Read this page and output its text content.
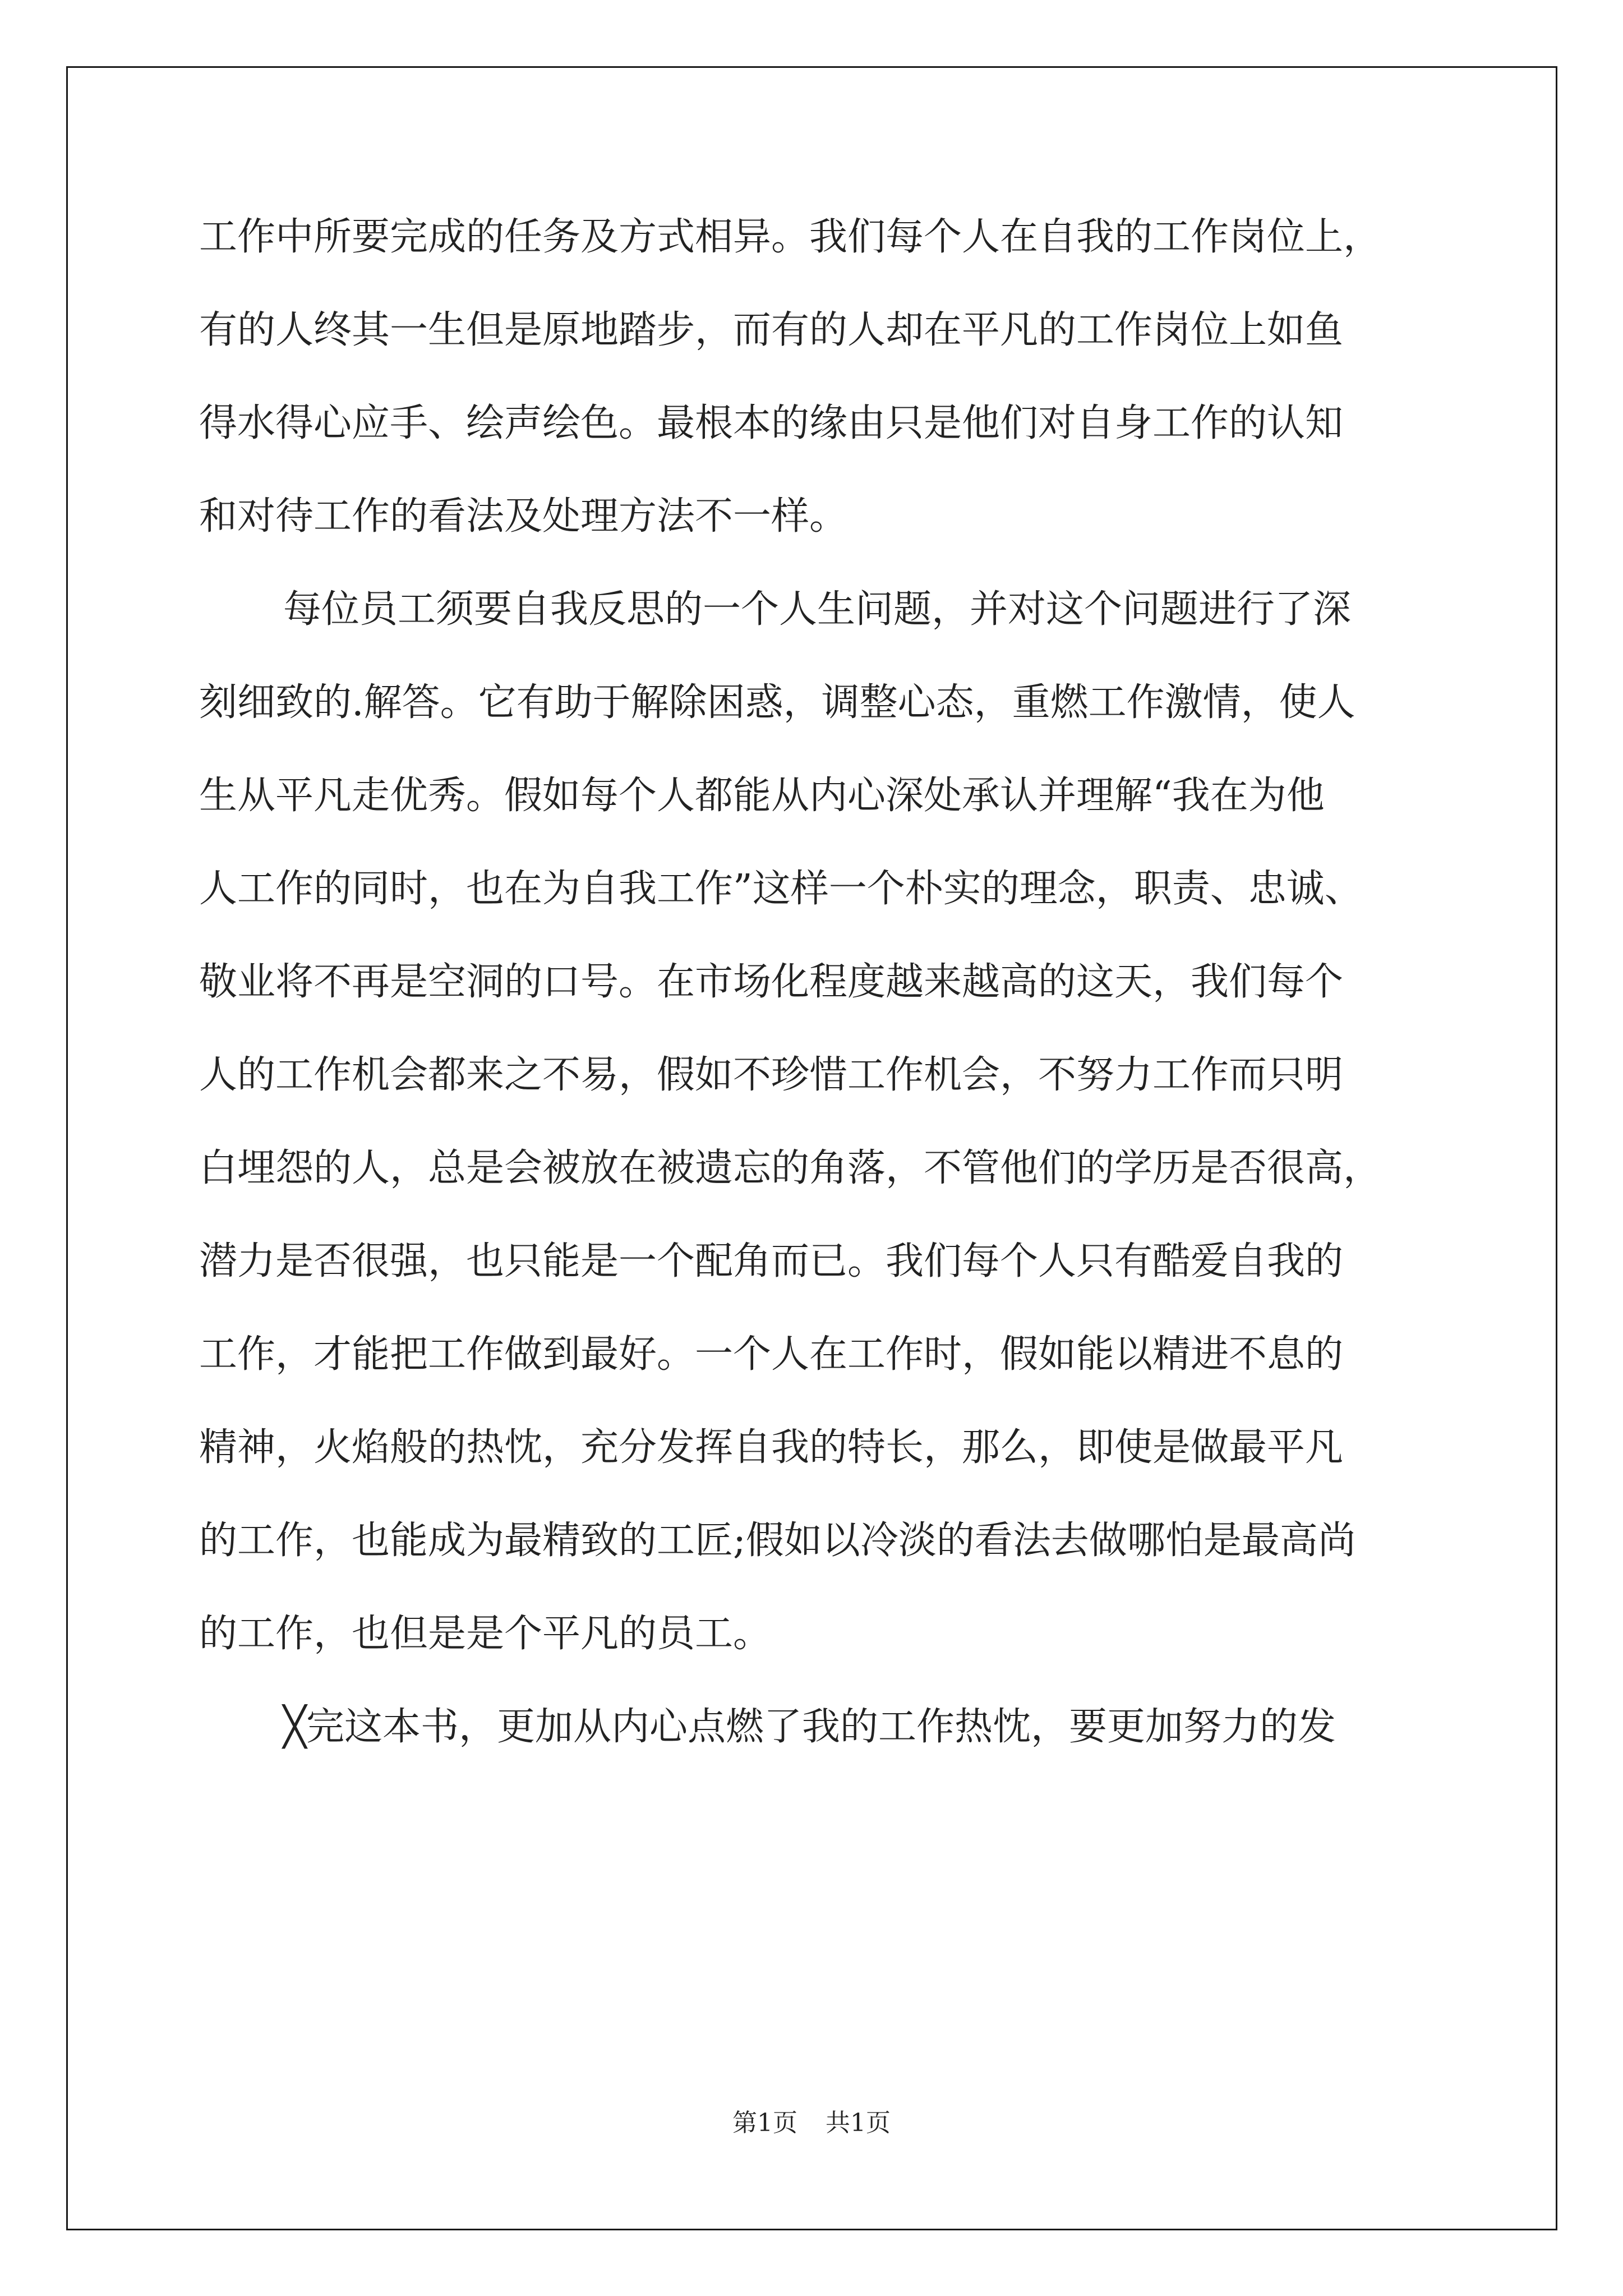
工作中所要完成的任务及方式相异。我们每个人在自我的工作岗位上，
有的人终其一生但是原地踏步，而有的人却在平凡的工作岗位上如鱼
得水得心应手、绘声绘色。最根本的缘由只是他们对自身工作的认知
和对待工作的看法及处理方法不一样。
每位员工须要自我反思的一个人生问题，并对这个问题进行了深
刻细致的.解答。它有助于解除困惑，调整心态，重燃工作激情，使人
生从平凡走优秀。假如每个人都能从内心深处承认并理解“我在为他
人工作的同时，也在为自我工作”这样一个朴实的理念，职责、忠诚、
敬业将不再是空洞的口号。在市场化程度越来越高的这天，我们每个
人的工作机会都来之不易，假如不珍惜工作机会，不努力工作而只明
白埋怨的人，总是会被放在被遗忘的角落，不管他们的学历是否很高，
潜力是否很强，也只能是一个配角而已。我们每个人只有酷爱自我的
工作，才能把工作做到最好。一个人在工作时，假如能以精进不息的
精神，火焰般的热忱，充分发挥自我的特长，那么，即使是做最平凡
的工作，也能成为最精致的工匠;假如以冷淡的看法去做哪怕是最高尚
的工作，也但是是个平凡的员工。
╳完这本书，更加从内心点燃了我的工作热忱，要更加努力的发
第1页 共1页
